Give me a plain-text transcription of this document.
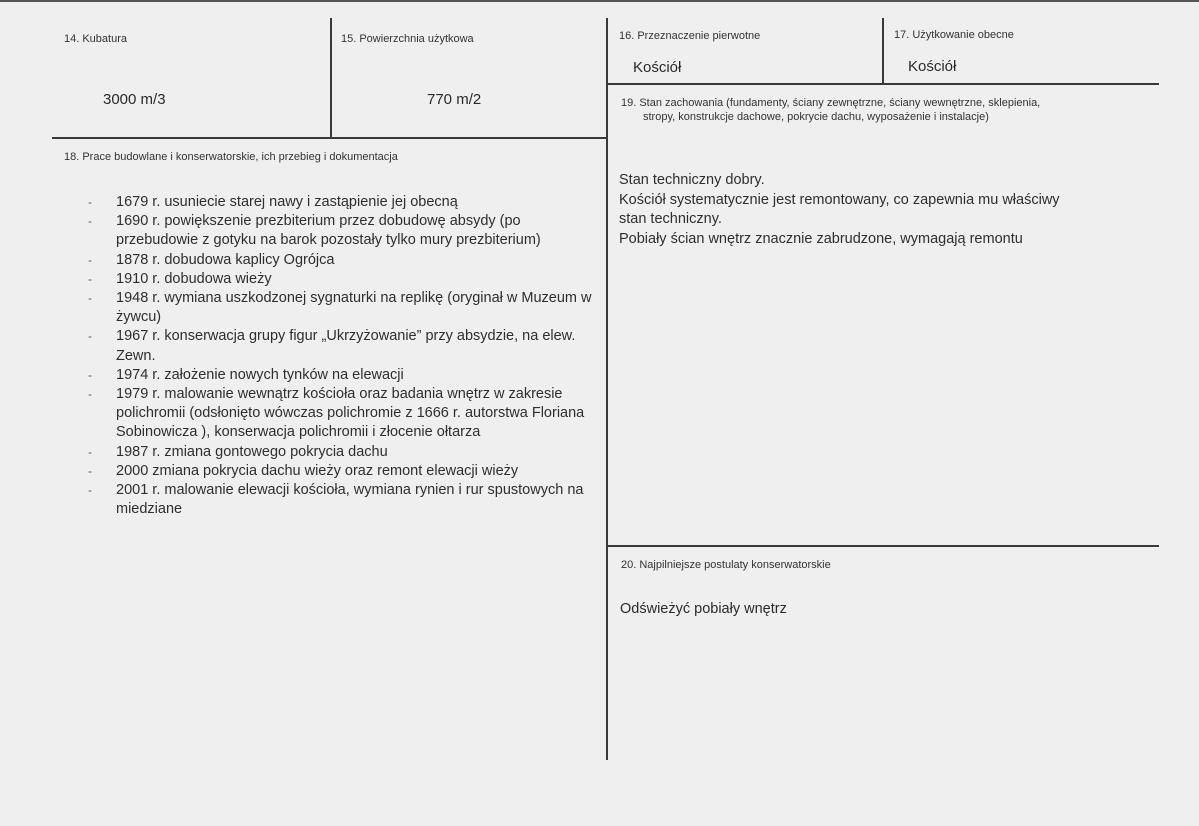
14. Kubatura
3000 m/3
15. Powierzchnia użytkowa
770 m/2
16. Przeznaczenie pierwotne
Kościół
17. Użytkowanie obecne
Kościół
19. Stan zachowania (fundamenty, ściany zewnętrzne, ściany wewnętrzne, sklepienia,
stropy, konstrukcje dachowe, pokrycie dachu, wyposażenie i instalacje)
Stan techniczny dobry.
Kościół systematycznie jest remontowany, co zapewnia mu właściwy
stan techniczny.
Pobiały ścian wnętrz znacznie zabrudzone, wymagają remontu
18. Prace budowlane i konserwatorskie, ich przebieg i dokumentacja
- 1679 r. usuniecie starej nawy i zastąpienie jej obecną
- 1690 r. powiększenie prezbiterium przez dobudowę absydy (po przebudowie z gotyku na barok pozostały tylko mury prezbiterium)
- 1878 r. dobudowa kaplicy Ogrójca
- 1910 r. dobudowa wieży
- 1948 r. wymiana uszkodzonej sygnaturki na replikę (oryginał w Muzeum w żywcu)
- 1967 r. konserwacja grupy figur „Ukrzyżowanie” przy absydzie, na elew. Zewn.
- 1974 r. założenie nowych tynków na elewacji
- 1979 r. malowanie wewnątrz kościoła oraz badania wnętrz w zakresie polichromii (odsłonięto wówczas polichromie z 1666 r. autorstwa Floriana Sobinowicza ), konserwacja polichromii i złocenie ołtarza
- 1987 r. zmiana gontowego pokrycia dachu
- 2000 zmiana pokrycia dachu wieży oraz remont elewacji wieży
- 2001 r. malowanie elewacji kościoła, wymiana rynien i rur spustowych na miedziane
20. Najpilniejsze postulaty konserwatorskie
Odświeżyć pobiały wnętrz
